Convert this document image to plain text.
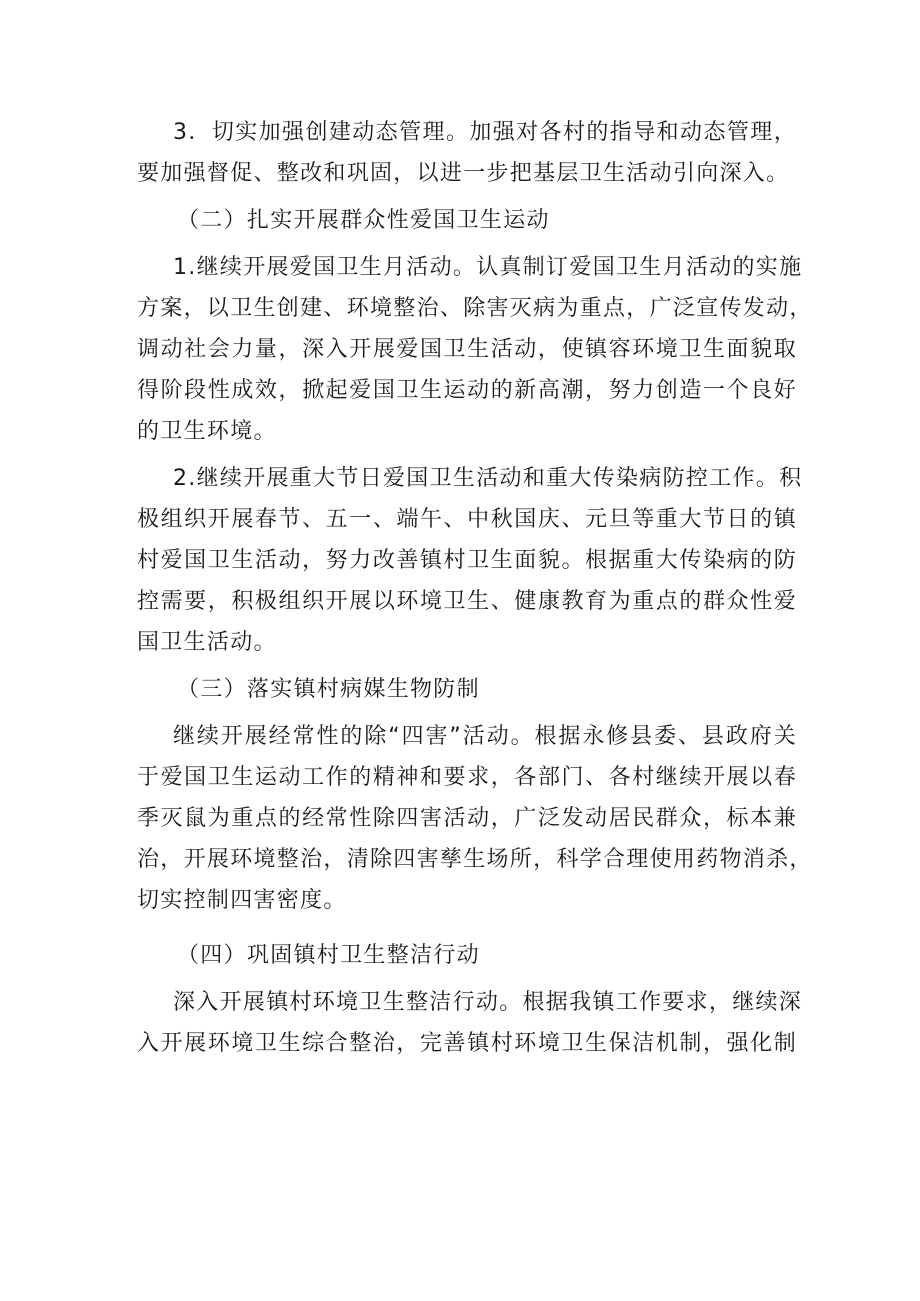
3．切实加强创建动态管理。加强对各村的指导和动态管理，
要加强督促、整改和巩固，以进一步把基层卫生活动引向深入。
（二）扎实开展群众性爱国卫生运动
1.继续开展爱国卫生月活动。认真制订爱国卫生月活动的实施
方案，以卫生创建、环境整治、除害灭病为重点，广泛宣传发动，
调动社会力量，深入开展爱国卫生活动，使镇容环境卫生面貌取
得阶段性成效，掀起爱国卫生运动的新高潮，努力创造一个良好
的卫生环境。
2.继续开展重大节日爱国卫生活动和重大传染病防控工作。积
极组织开展春节、五一、端午、中秋国庆、元旦等重大节日的镇
村爱国卫生活动，努力改善镇村卫生面貌。根据重大传染病的防
控需要，积极组织开展以环境卫生、健康教育为重点的群众性爱
国卫生活动。
（三）落实镇村病媒生物防制
继续开展经常性的除“四害”活动。根据永修县委、县政府关
于爱国卫生运动工作的精神和要求，各部门、各村继续开展以春
季灭鼠为重点的经常性除四害活动，广泛发动居民群众，标本兼
治，开展环境整治，清除四害孳生场所，科学合理使用药物消杀，
切实控制四害密度。
（四）巩固镇村卫生整洁行动
深入开展镇村环境卫生整洁行动。根据我镇工作要求，继续深
入开展环境卫生综合整治，完善镇村环境卫生保洁机制，强化制
